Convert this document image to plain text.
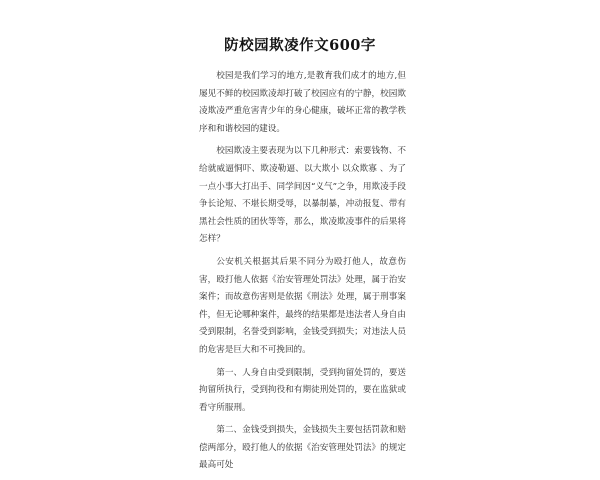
防校园欺凌作文600字

校园是我们学习的地方,是教育我们成才的地方,但屡见不鲜的校园欺凌却打破了校园应有的宁静，校园欺凌欺凌严重危害青少年的身心健康，破坏正常的教学秩序和和谐校园的建设。

校园欺凌主要表现为以下几种形式：索要钱物、不给就威逼恫吓、欺凌勒逼、以大欺小 以众欺寡 、为了一点小事大打出手、同学间因“义气”之争，用欺凌手段争长论短、不堪长期受辱，以暴制暴，冲动报复、带有黑社会性质的团伙等等，那么，欺凌欺凌事件的后果将怎样？

公安机关根据其后果不同分为殴打他人，故意伤害，殴打他人依据《治安管理处罚法》处理，属于治安案件；而故意伤害则是依据《刑法》处理，属于刑事案件，但无论哪种案件，最终的结果都是违法者人身自由受到限制，名誉受到影响，金钱受到损失；对违法人员的危害是巨大和不可挽回的。

第一、人身自由受到限制，受到拘留处罚的，要送拘留所执行，受到拘役和有期徒刑处罚的，要在监狱或看守所服刑。

第二、金钱受到损失，金钱损失主要包括罚款和赔偿两部分，殴打他人的依据《治安管理处罚法》的规定最高可处
